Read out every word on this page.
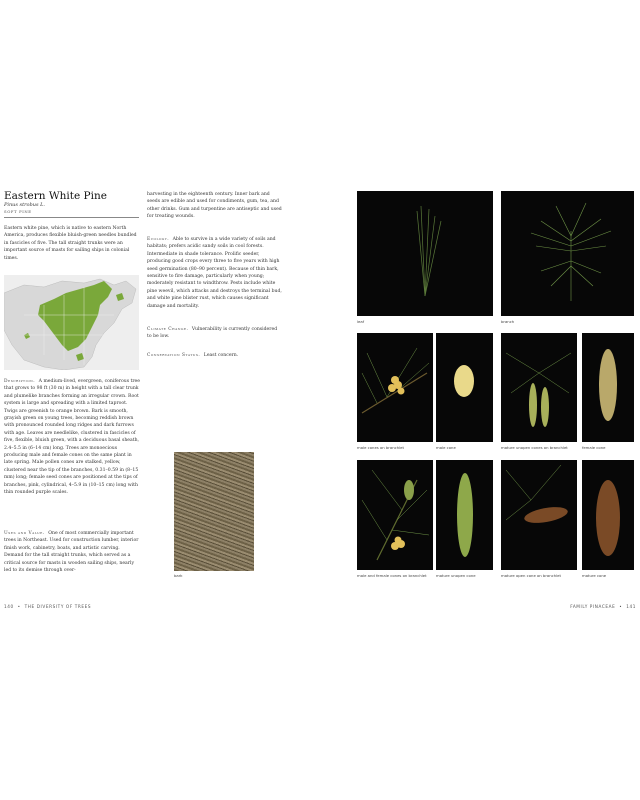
Eastern White Pine
Pinus strobus L.
SOFT PINE
Eastern white pine, which is native to eastern North America, produces flexible bluish-green needles bundled in fascicles of five. The tall straight trunks were an important source of masts for sailing ships in colonial times.
Description. A medium-lived, evergreen, coniferous tree that grows to 98 ft (30 m) in height with a tall clear trunk and plumelike branches forming an irregular crown. Root system is large and spreading with a limited taproot. Twigs are greenish to orange brown. Bark is smooth, grayish green on young trees, becoming reddish brown with pronounced rounded long ridges and dark furrows with age. Leaves are needlelike, clustered in fascicles of five, flexible, bluish green, with a deciduous basal sheath, 2.4–5.5 in (6–14 cm) long. Trees are monoecious producing male and female cones on the same plant in late spring. Male pollen cones are stalked, yellow, clustered near the tip of the branches, 0.31–0.59 in (8–15 mm) long; female seed cones are positioned at the tips of branches, pink, cylindrical, 4–5.9 in (10–15 cm) long with thin rounded purple scales.
Uses and Value. One of most commercially important trees in Northeast. Used for construction lumber, interior finish work, cabinetry, boats, and artistic carving. Demand for the tall straight trunks, which served as a critical source for masts in wooden sailing ships, nearly led to its demise through over-
harvesting in the eighteenth century. Inner bark and seeds are edible and used for condiments, gum, tea, and other drinks. Gum and turpentine are antiseptic and used for treating wounds.
Ecology. Able to survive in a wide variety of soils and habitats; prefers acidic sandy soils in cool forests. Intermediate in shade tolerance. Prolific seeder, producing good crops every three to five years with high seed germination (80–90 percent). Because of thin bark, sensitive to fire damage, particularly when young; moderately resistant to windthrow. Pests include white pine weevil, which attacks and destroys the terminal bud, and white pine blister rust, which causes significant damage and mortality.
Climate Change. Vulnerability is currently considered to be low.
Conservation Status. Least concern.
bark
leaf	branch
male cones on branchlet	male cone	mature unopen cones on branchlet	female cone
male and female cones on branchlet mature unopen cone	mature open cone on branchlet	mature cone
140 • THE DIVERSITY OF TREES	FAMILY PINACEAE • 141
